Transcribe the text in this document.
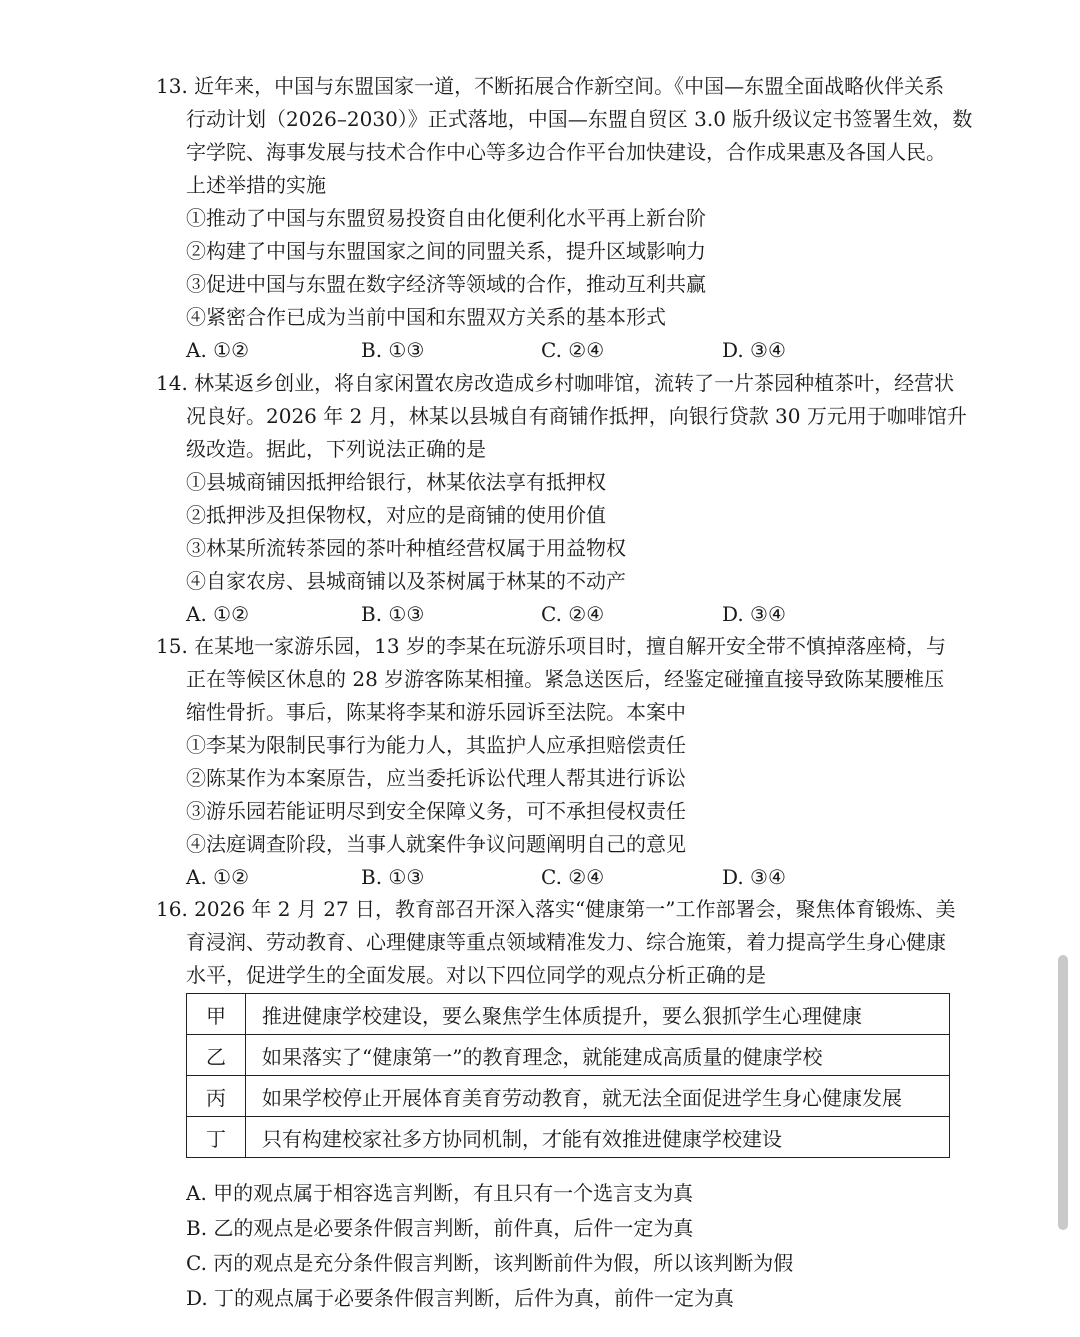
13. 近年来，中国与东盟国家一道，不断拓展合作新空间。《中国—东盟全面战略伙伴关系
行动计划（2026–2030）》正式落地，中国—东盟自贸区 3.0 版升级议定书签署生效，数
字学院、海事发展与技术合作中心等多边合作平台加快建设，合作成果惠及各国人民。
上述举措的实施
①推动了中国与东盟贸易投资自由化便利化水平再上新台阶
②构建了中国与东盟国家之间的同盟关系，提升区域影响力
③促进中国与东盟在数字经济等领域的合作，推动互利共赢
④紧密合作已成为当前中国和东盟双方关系的基本形式
A. ①②	B. ①③	C. ②④	D. ③④
14. 林某返乡创业，将自家闲置农房改造成乡村咖啡馆，流转了一片茶园种植茶叶，经营状
况良好。2026 年 2 月，林某以县城自有商铺作抵押，向银行贷款 30 万元用于咖啡馆升
级改造。据此，下列说法正确的是
①县城商铺因抵押给银行，林某依法享有抵押权
②抵押涉及担保物权，对应的是商铺的使用价值
③林某所流转茶园的茶叶种植经营权属于用益物权
④自家农房、县城商铺以及茶树属于林某的不动产
A. ①②	B. ①③	C. ②④	D. ③④
15. 在某地一家游乐园，13 岁的李某在玩游乐项目时，擅自解开安全带不慎掉落座椅，与
正在等候区休息的 28 岁游客陈某相撞。紧急送医后，经鉴定碰撞直接导致陈某腰椎压
缩性骨折。事后，陈某将李某和游乐园诉至法院。本案中
①李某为限制民事行为能力人，其监护人应承担赔偿责任
②陈某作为本案原告，应当委托诉讼代理人帮其进行诉讼
③游乐园若能证明尽到安全保障义务，可不承担侵权责任
④法庭调查阶段，当事人就案件争议问题阐明自己的意见
A. ①②	B. ①③	C. ②④	D. ③④
16. 2026 年 2 月 27 日，教育部召开深入落实“健康第一”工作部署会，聚焦体育锻炼、美
育浸润、劳动教育、心理健康等重点领域精准发力、综合施策，着力提高学生身心健康
水平，促进学生的全面发展。对以下四位同学的观点分析正确的是
甲	推进健康学校建设，要么聚焦学生体质提升，要么狠抓学生心理健康
乙	如果落实了“健康第一”的教育理念，就能建成高质量的健康学校
丙	如果学校停止开展体育美育劳动教育，就无法全面促进学生身心健康发展
丁	只有构建校家社多方协同机制，才能有效推进健康学校建设
A. 甲的观点属于相容选言判断，有且只有一个选言支为真
B. 乙的观点是必要条件假言判断，前件真，后件一定为真
C. 丙的观点是充分条件假言判断，该判断前件为假，所以该判断为假
D. 丁的观点属于必要条件假言判断，后件为真，前件一定为真
